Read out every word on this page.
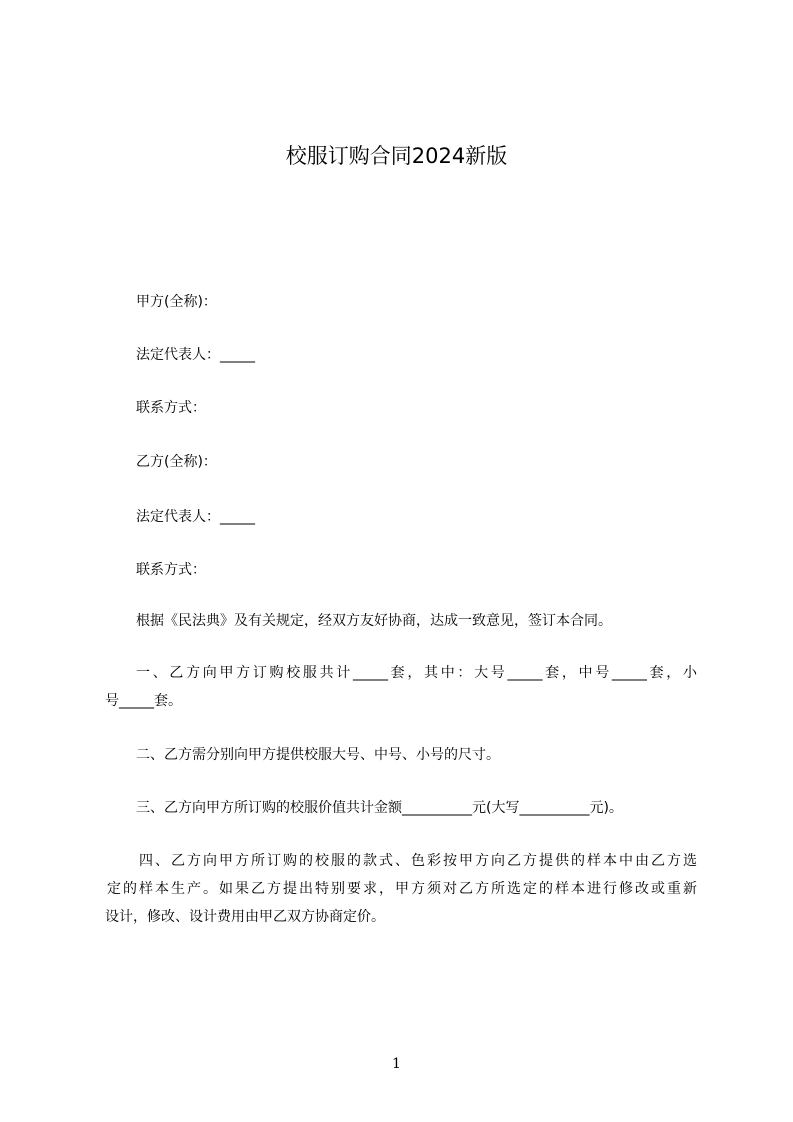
校服订购合同2024新版
甲方(全称)：
法定代表人：_____
联系方式：
乙方(全称)：
法定代表人：_____
联系方式：
根据《民法典》及有关规定，经双方友好协商，达成一致意见，签订本合同。
一、乙方向甲方订购校服共计_____套，其中：大号_____套，中号_____套，小
号_____套。
二、乙方需分别向甲方提供校服大号、中号、小号的尺寸。
三、乙方向甲方所订购的校服价值共计金额__________元(大写__________元)。
四、乙方向甲方所订购的校服的款式、色彩按甲方向乙方提供的样本中由乙方选
定的样本生产。如果乙方提出特别要求，甲方须对乙方所选定的样本进行修改或重新
设计，修改、设计费用由甲乙双方协商定价。
1
